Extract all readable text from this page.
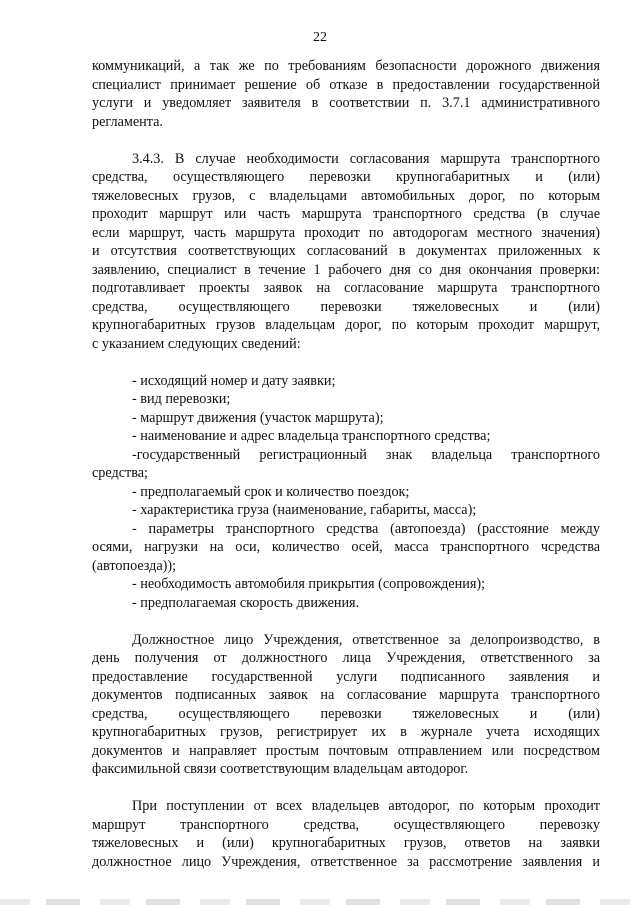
22
коммуникаций, а так же по требованиям безопасности дорожного движения
специалист принимает решение об отказе в предоставлении государственной
услуги и уведомляет заявителя в соответствии п. 3.7.1 административного
регламента.
3.4.3. В случае необходимости согласования маршрута транспортного
средства, осуществляющего перевозки крупногабаритных и (или)
тяжеловесных грузов, с владельцами автомобильных дорог, по которым
проходит маршрут или часть маршрута транспортного средства (в случае
если маршрут, часть маршрута проходит по автодорогам местного значения)
и отсутствия соответствующих согласований в документах приложенных к
заявлению, специалист в течение 1 рабочего дня со дня окончания проверки:
подготавливает проекты заявок на согласование маршрута транспортного
средства, осуществляющего перевозки тяжеловесных и (или)
крупногабаритных грузов владельцам дорог, по которым проходит маршрут,
с указанием следующих сведений:
- исходящий номер и дату заявки;
- вид перевозки;
- маршрут движения (участок маршрута);
- наименование и адрес владельца транспортного средства;
-государственный регистрационный знак владельца транспортного
средства;
- предполагаемый срок и количество поездок;
- характеристика груза (наименование, габариты, масса);
- параметры транспортного средства (автопоезда) (расстояние между
осями, нагрузки на оси, количество осей, масса транспортного чсредства
(автопоезда));
- необходимость автомобиля прикрытия (сопровождения);
- предполагаемая скорость движения.
Должностное лицо Учреждения, ответственное за делопроизводство, в
день получения от должностного лица Учреждения, ответственного за
предоставление государственной услуги подписанного заявления и
документов подписанных заявок на согласование маршрута транспортного
средства, осуществляющего перевозки тяжеловесных и (или)
крупногабаритных грузов, регистрирует их в журнале учета исходящих
документов и направляет простым почтовым отправлением или посредством
факсимильной связи соответствующим владельцам автодорог.
При поступлении от всех владельцев автодорог, по которым проходит
маршрут транспортного средства, осуществляющего перевозку
тяжеловесных и (или) крупногабаритных грузов, ответов на заявки
должностное лицо Учреждения, ответственное за рассмотрение заявления и
